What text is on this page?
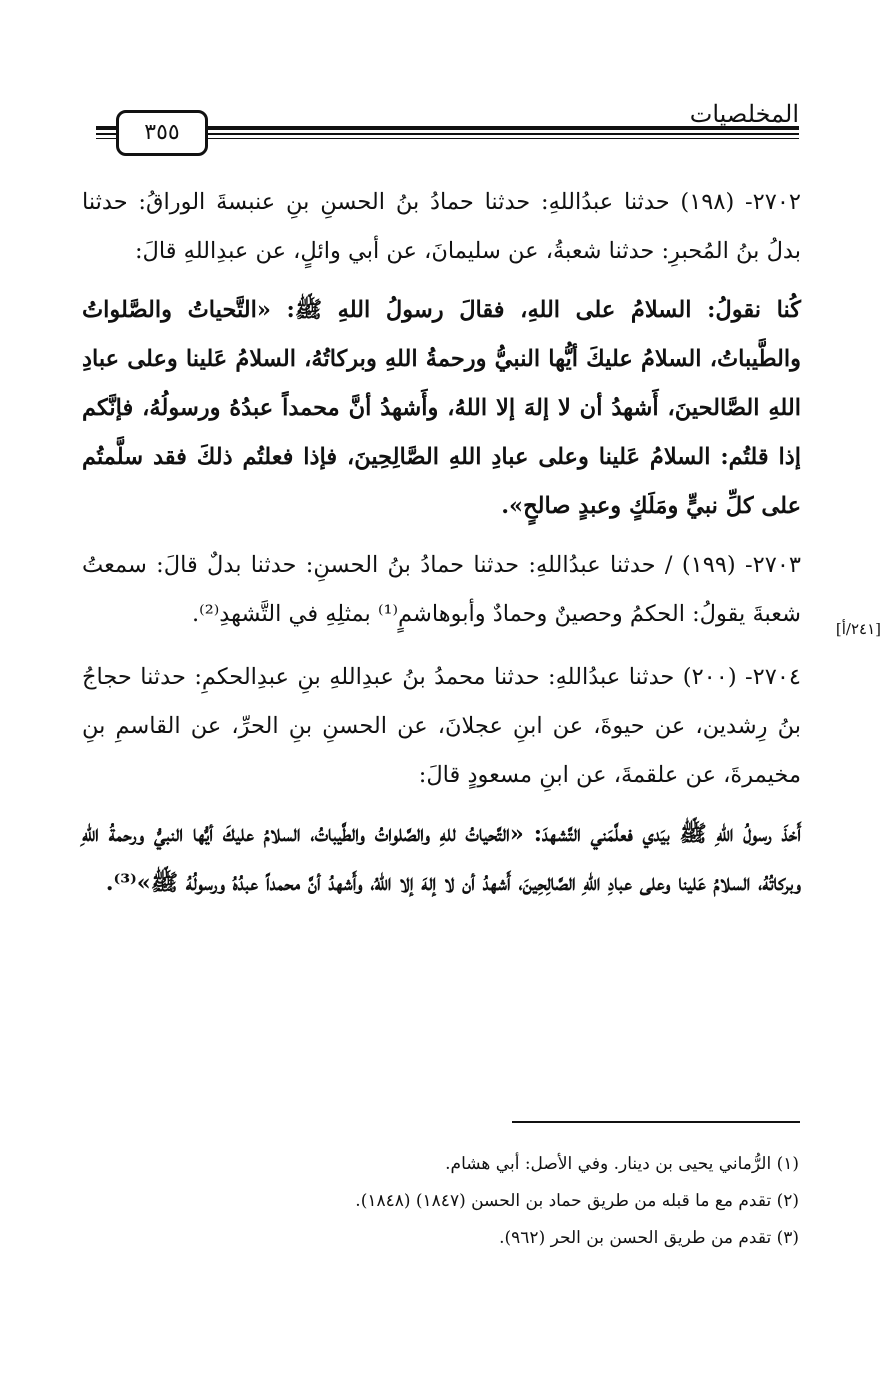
المخلصيات
٣٥٥
[٢٤١/أ]

٢٧٠٢- (١٩٨) حدثنا عبدُاللهِ: حدثنا حمادُ بنُ الحسنِ بنِ عنبسةَ الوراقُ: حدثنا بدلُ بنُ المُحبرِ: حدثنا شعبةُ، عن سليمانَ، عن أبي وائلٍ، عن عبدِاللهِ قالَ:

كُنا نقولُ: السلامُ على اللهِ، فقالَ رسولُ اللهِ ﷺ: «التَّحياتُ والصَّلواتُ والطَّيباتُ، السلامُ عليكَ أيُّها النبيُّ ورحمةُ اللهِ وبركاتُهُ، السلامُ عَلينا وعلى عبادِ اللهِ الصَّالحينَ، أَشهدُ أن لا إلهَ إلا اللهُ، وأَشهدُ أنَّ محمداً عبدُهُ ورسولُهُ، فإنَّكم إذا قلتُم: السلامُ عَلينا وعلى عبادِ اللهِ الصَّالِحِينَ، فإذا فعلتُم ذلكَ فقد سلَّمتُم على كلِّ نبيٍّ ومَلَكٍ وعبدٍ صالحٍ».

٢٧٠٣- (١٩٩) / حدثنا عبدُاللهِ: حدثنا حمادُ بنُ الحسنِ: حدثنا بدلٌ قالَ: سمعتُ شعبةَ يقولُ: الحكمُ وحصينٌ وحمادٌ وأبوهاشمٍ⁽¹⁾ بمثلِهِ في التَّشهدِ⁽²⁾.

٢٧٠٤- (٢٠٠) حدثنا عبدُاللهِ: حدثنا محمدُ بنُ عبدِاللهِ بنِ عبدِالحكمِ: حدثنا حجاجُ بنُ رِشدين، عن حيوةَ، عن ابنِ عجلانَ، عن الحسنِ بنِ الحرِّ، عن القاسمِ بنِ مخيمرةَ، عن علقمةَ، عن ابنِ مسعودٍ قالَ:

أَخذَ رسولُ اللهِ ﷺ بيَدي فعلَّمَني التَّشهدَ: «التَّحياتُ للهِ والصَّلواتُ والطَّيباتُ، السلامُ عليكَ أيُّها النبيُّ ورحمةُ اللهِ وبركاتُهُ، السلامُ عَلينا وعلى عبادِ اللهِ الصَّالِحِينَ، أَشهدُ أن لا إلهَ إلا اللهُ، وأَشهدُ أنَّ محمداً عبدُهُ ورسولُهُ ﷺ»⁽³⁾.

(١) الرُّماني يحيى بن دينار. وفي الأصل: أبي هشام.

(٢) تقدم مع ما قبله من طريق حماد بن الحسن (١٨٤٧) (١٨٤٨).

(٣) تقدم من طريق الحسن بن الحر (٩٦٢).
